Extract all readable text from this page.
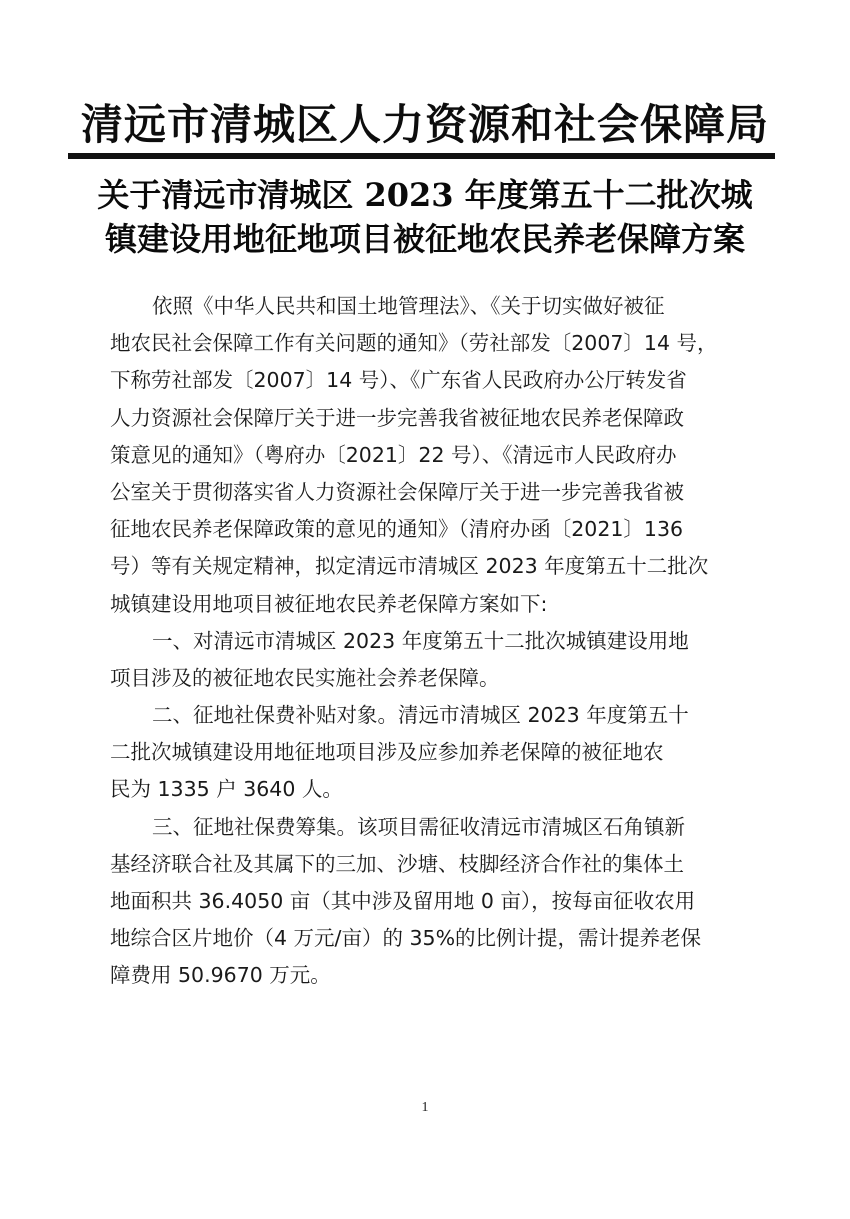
清远市清城区人力资源和社会保障局
关于清远市清城区 2023 年度第五十二批次城
镇建设用地征地项目被征地农民养老保障方案
依照《中华人民共和国土地管理法》、《关于切实做好被征
地农民社会保障工作有关问题的通知》（劳社部发〔2007〕14 号，
下称劳社部发〔2007〕14 号）、《广东省人民政府办公厅转发省
人力资源社会保障厅关于进一步完善我省被征地农民养老保障政
策意见的通知》（粤府办〔2021〕22 号）、《清远市人民政府办
公室关于贯彻落实省人力资源社会保障厅关于进一步完善我省被
征地农民养老保障政策的意见的通知》（清府办函〔2021〕136
号）等有关规定精神，拟定清远市清城区 2023 年度第五十二批次
城镇建设用地项目被征地农民养老保障方案如下:
一、对清远市清城区 2023 年度第五十二批次城镇建设用地
项目涉及的被征地农民实施社会养老保障。
二、征地社保费补贴对象。清远市清城区 2023 年度第五十
二批次城镇建设用地征地项目涉及应参加养老保障的被征地农
民为 1335 户 3640 人。
三、征地社保费筹集。该项目需征收清远市清城区石角镇新
基经济联合社及其属下的三加、沙塘、枝脚经济合作社的集体土
地面积共 36.4050 亩（其中涉及留用地 0 亩），按每亩征收农用
地综合区片地价（4 万元/亩）的 35%的比例计提，需计提养老保
障费用 50.9670 万元。
1
